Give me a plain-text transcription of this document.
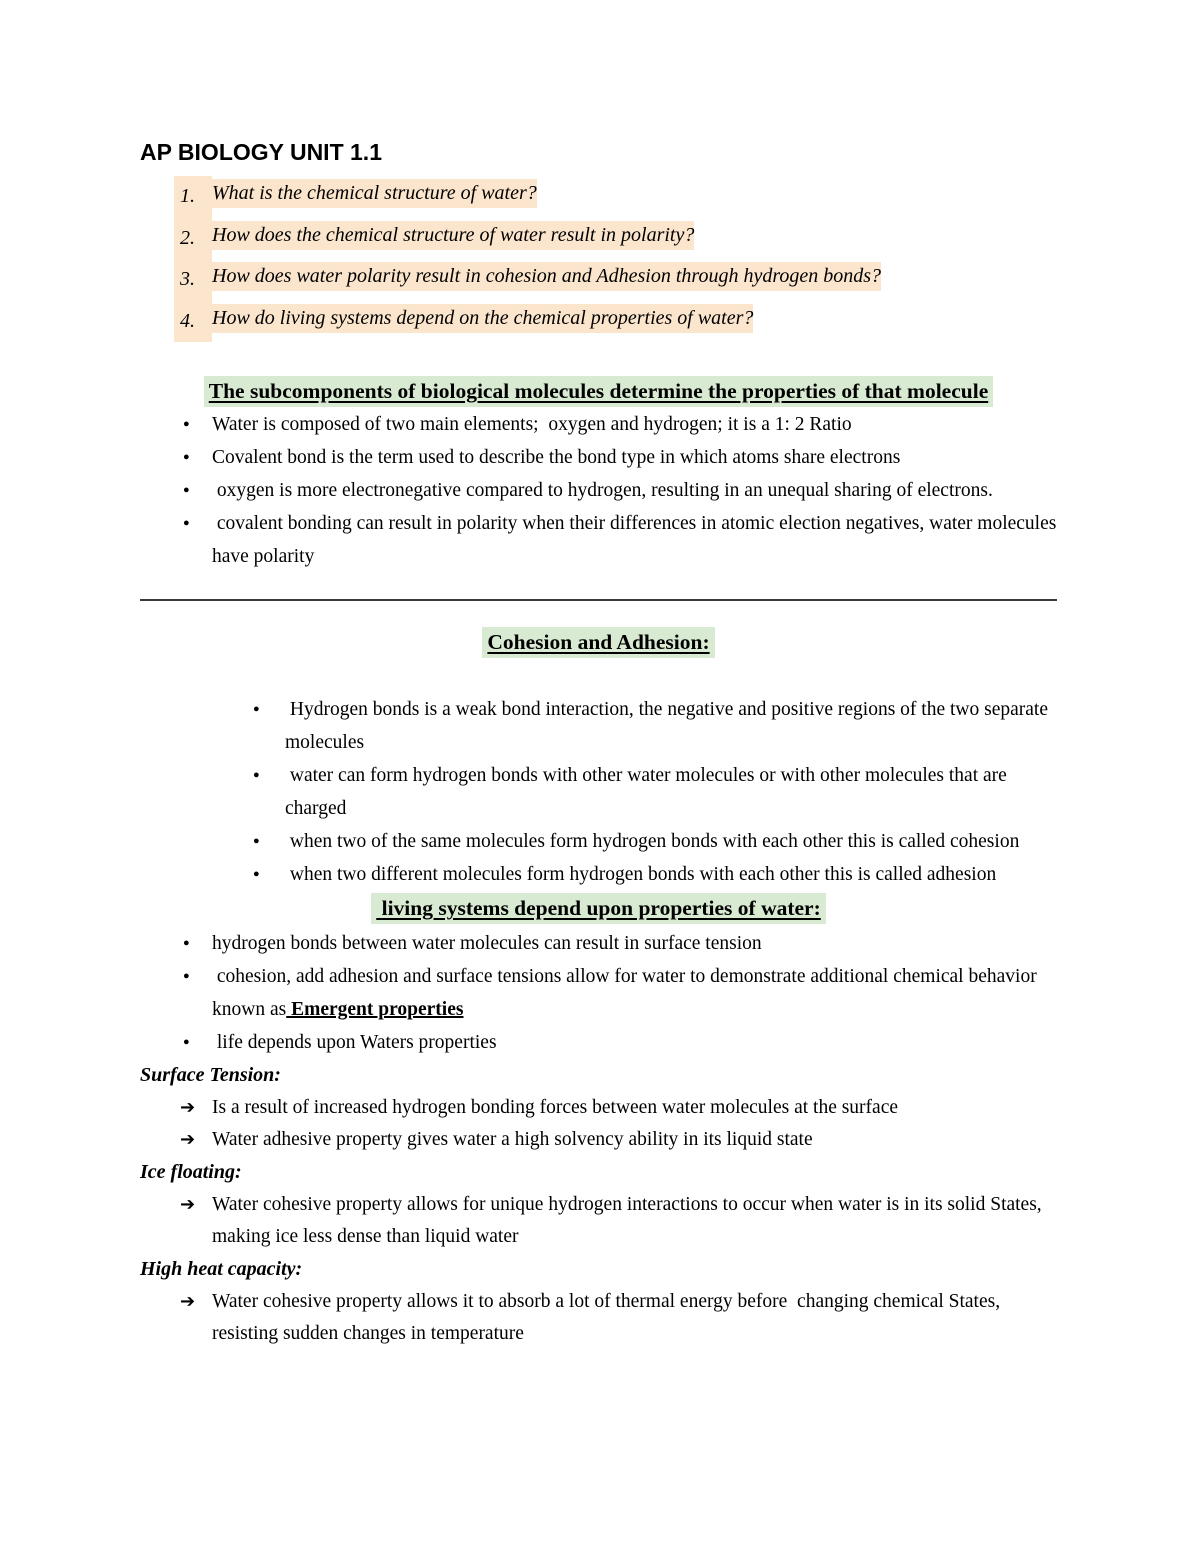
AP BIOLOGY UNIT 1.1
1. What is the chemical structure of water?
2. How does the chemical structure of water result in polarity?
3. How does water polarity result in cohesion and Adhesion through hydrogen bonds?
4. How do living systems depend on the chemical properties of water?
The subcomponents of biological molecules determine the properties of that molecule
●	Water is composed of two main elements;  oxygen and hydrogen; it is a 1: 2 Ratio
●	Covalent bond is the term used to describe the bond type in which atoms share electrons
●	oxygen is more electronegative compared to hydrogen, resulting in an unequal sharing of electrons.
●	covalent bonding can result in polarity when their differences in atomic election negatives, water molecules have polarity
Cohesion and Adhesion:
●	Hydrogen bonds is a weak bond interaction, the negative and positive regions of the two separate molecules
●	water can form hydrogen bonds with other water molecules or with other molecules that are charged
●	when two of the same molecules form hydrogen bonds with each other this is called cohesion
●	when two different molecules form hydrogen bonds with each other this is called adhesion
living systems depend upon properties of water:
●	hydrogen bonds between water molecules can result in surface tension
●	cohesion, add adhesion and surface tensions allow for water to demonstrate additional chemical behavior known as Emergent properties
●	life depends upon Waters properties
Surface Tension:
➔ Is a result of increased hydrogen bonding forces between water molecules at the surface
➔ Water adhesive property gives water a high solvency ability in its liquid state
Ice floating:
➔ Water cohesive property allows for unique hydrogen interactions to occur when water is in its solid States,  making ice less dense than liquid water
High heat capacity:
➔ Water cohesive property allows it to absorb a lot of thermal energy before  changing chemical States, resisting sudden changes in temperature
